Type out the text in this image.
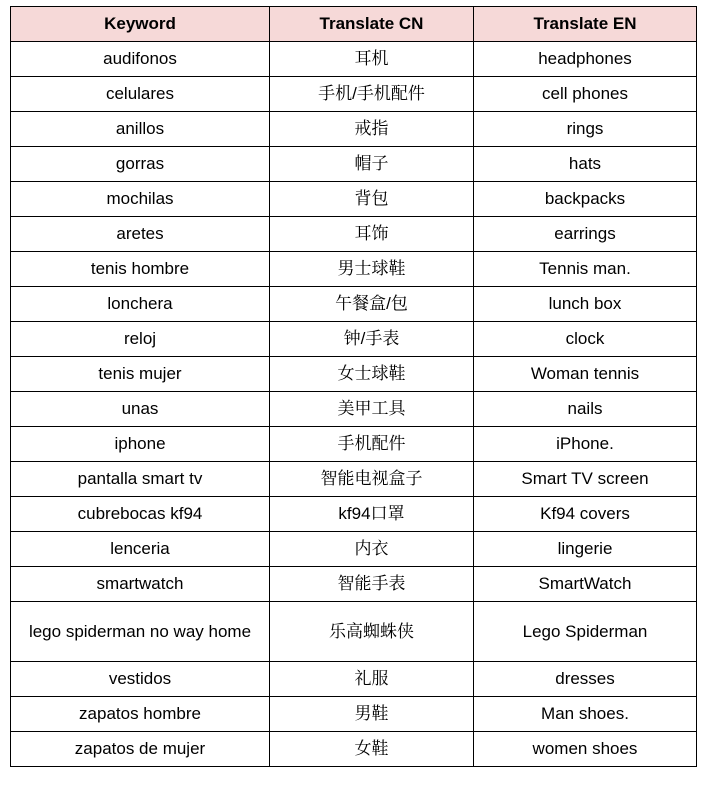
Keyword	Translate CN	Translate EN
audifonos	耳机	headphones
celulares	手机/手机配件	cell phones
anillos	戒指	rings
gorras	帽子	hats
mochilas	背包	backpacks
aretes	耳饰	earrings
tenis hombre	男士球鞋	Tennis man.
lonchera	午餐盒/包	lunch box
reloj	钟/手表	clock
tenis mujer	女士球鞋	Woman tennis
unas	美甲工具	nails
iphone	手机配件	iPhone.
pantalla smart tv	智能电视盒子	Smart TV screen
cubrebocas kf94	kf94口罩	Kf94 covers
lenceria	内衣	lingerie
smartwatch	智能手表	SmartWatch
lego spiderman no way home	乐高蜘蛛侠	Lego Spiderman
vestidos	礼服	dresses
zapatos hombre	男鞋	Man shoes.
zapatos de mujer	女鞋	women shoes
